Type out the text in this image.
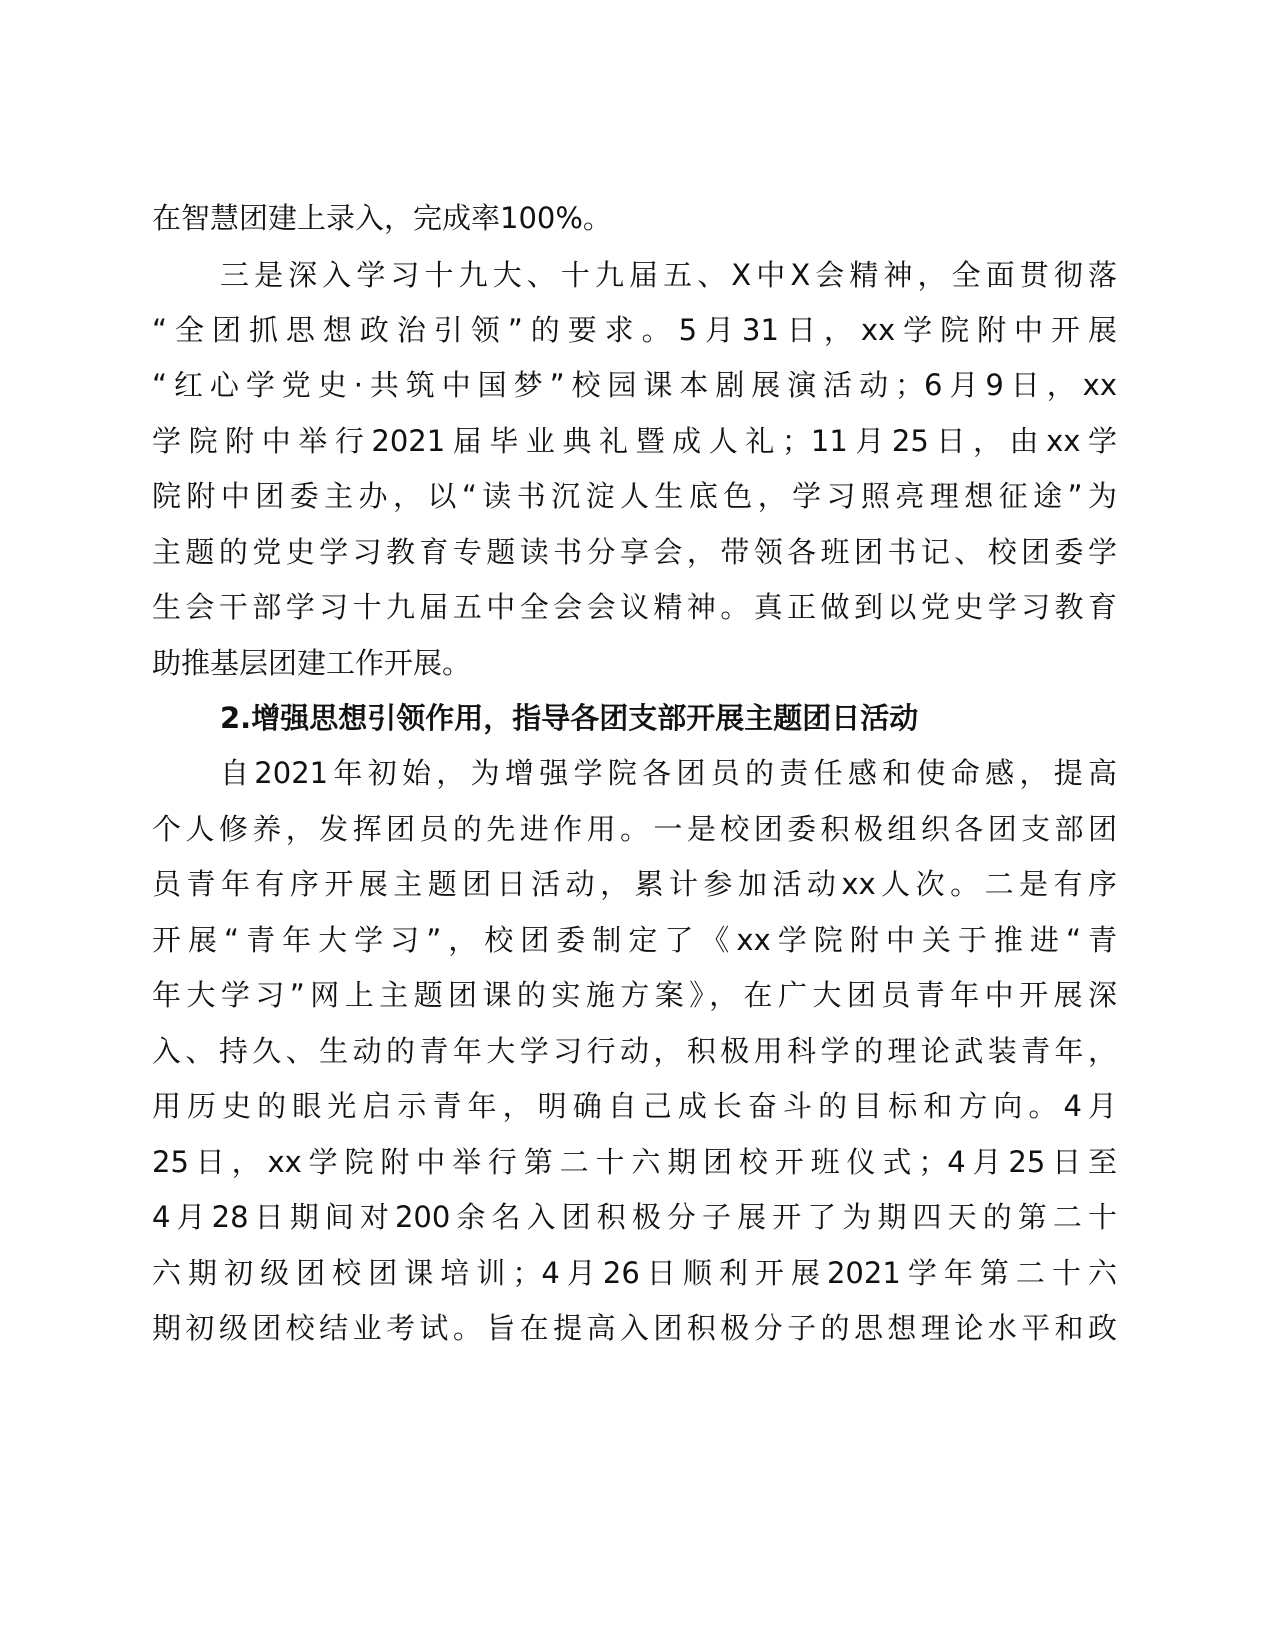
在智慧团建上录入，完成率100%。
三是深入学习十九大、十九届五、X中X会精神，全面贯彻落
“全团抓思想政治引领”的要求。5月31日，xx学院附中开展
“红心学党史·共筑中国梦”校园课本剧展演活动；6月9日，xx
学院附中举行2021届毕业典礼暨成人礼；11月25日，由xx学
院附中团委主办，以“读书沉淀人生底色，学习照亮理想征途”为
主题的党史学习教育专题读书分享会，带领各班团书记、校团委学
生会干部学习十九届五中全会会议精神。真正做到以党史学习教育
助推基层团建工作开展。
2.增强思想引领作用，指导各团支部开展主题团日活动
自2021年初始，为增强学院各团员的责任感和使命感，提高
个人修养，发挥团员的先进作用。一是校团委积极组织各团支部团
员青年有序开展主题团日活动，累计参加活动xx人次。二是有序
开展“青年大学习”，校团委制定了《xx学院附中关于推进“青
年大学习”网上主题团课的实施方案》，在广大团员青年中开展深
入、持久、生动的青年大学习行动，积极用科学的理论武装青年，
用历史的眼光启示青年，明确自己成长奋斗的目标和方向。4月
25日，xx学院附中举行第二十六期团校开班仪式；4月25日至
4月28日期间对200余名入团积极分子展开了为期四天的第二十
六期初级团校团课培训；4月26日顺利开展2021学年第二十六
期初级团校结业考试。旨在提高入团积极分子的思想理论水平和政
